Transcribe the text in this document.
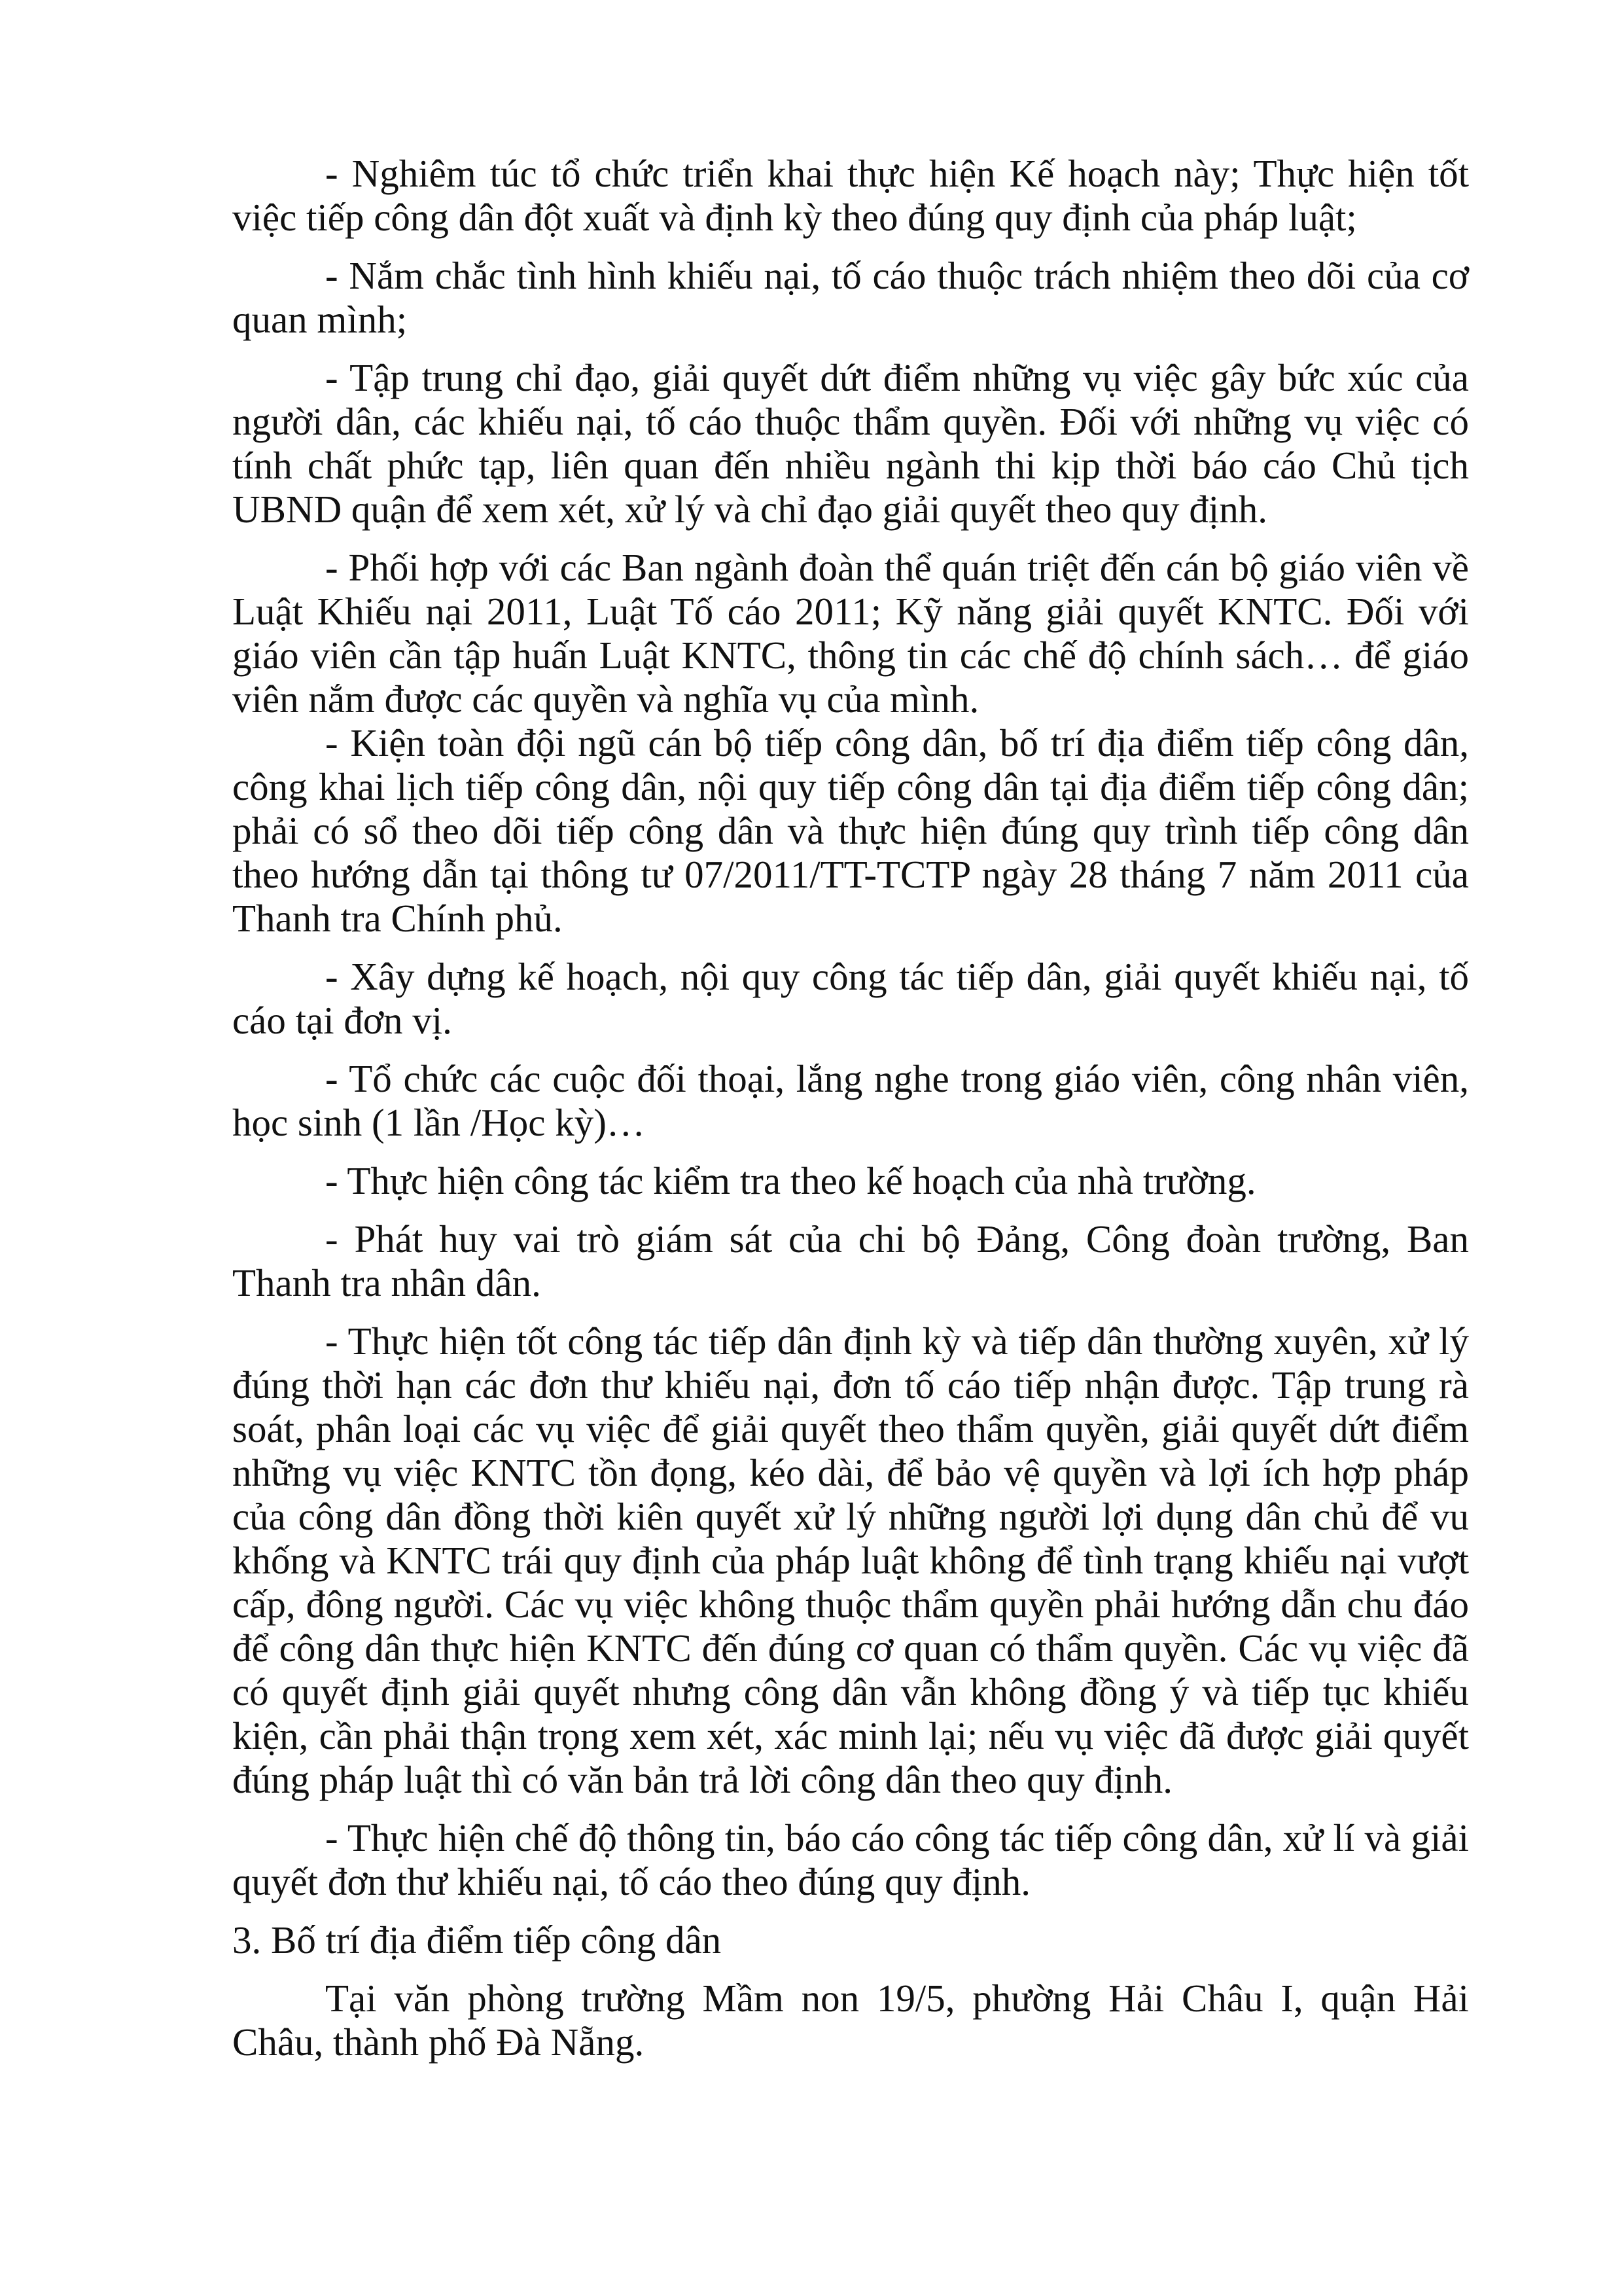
- Nghiêm túc tổ chức triển khai thực hiện Kế hoạch này; Thực hiện tốt việc tiếp công dân đột xuất và định kỳ theo đúng quy định của pháp luật;

- Nắm chắc tình hình khiếu nại, tố cáo thuộc trách nhiệm theo dõi của cơ quan mình;

- Tập trung chỉ đạo, giải quyết dứt điểm những vụ việc gây bức xúc của người dân, các khiếu nại, tố cáo thuộc thẩm quyền. Đối với những vụ việc có tính chất phức tạp, liên quan đến nhiều ngành thi kịp thời báo cáo Chủ tịch UBND quận để xem xét, xử lý và chỉ đạo giải quyết theo quy định.

- Phối hợp với các Ban ngành đoàn thể quán triệt đến cán bộ giáo viên về Luật Khiếu nại 2011, Luật Tố cáo 2011; Kỹ năng giải quyết KNTC. Đối với giáo viên cần tập huấn Luật KNTC, thông tin các chế độ chính sách… để giáo viên nắm được các quyền và nghĩa vụ của mình.

- Kiện toàn đội ngũ cán bộ tiếp công dân, bố trí địa điểm tiếp công dân, công khai lịch tiếp công dân, nội quy tiếp công dân tại địa điểm tiếp công dân; phải có sổ theo dõi tiếp công dân và thực hiện đúng quy trình tiếp công dân theo hướng dẫn tại thông tư 07/2011/TT-TCTP ngày 28 tháng 7 năm 2011 của Thanh tra Chính phủ.

- Xây dựng kế hoạch, nội quy công tác tiếp dân, giải quyết khiếu nại, tố cáo tại đơn vị.

- Tổ chức các cuộc đối thoại, lắng nghe trong giáo viên, công nhân viên, học sinh (1 lần /Học kỳ)…

- Thực hiện công tác kiểm tra theo kế hoạch của nhà trường.

- Phát huy vai trò giám sát của chi bộ Đảng, Công đoàn trường, Ban Thanh tra nhân dân.

- Thực hiện tốt công tác tiếp dân định kỳ và tiếp dân thường xuyên, xử lý đúng thời hạn các đơn thư khiếu nại, đơn tố cáo tiếp nhận được. Tập trung rà soát, phân loại các vụ việc để giải quyết theo thẩm quyền, giải quyết dứt điểm những vụ việc KNTC tồn đọng, kéo dài, để bảo vệ quyền và lợi ích hợp pháp của công dân đồng thời kiên quyết xử lý những người lợi dụng dân chủ để vu khống và KNTC trái quy định của pháp luật không để tình trạng khiếu nại vượt cấp, đông người. Các vụ việc không thuộc thẩm quyền phải hướng dẫn chu đáo để công dân thực hiện KNTC đến đúng cơ quan có thẩm quyền. Các vụ việc đã có quyết định giải quyết nhưng công dân vẫn không đồng ý và tiếp tục khiếu kiện, cần phải thận trọng xem xét, xác minh lại; nếu vụ việc đã được giải quyết đúng pháp luật thì có văn bản trả lời công dân theo quy định.

- Thực hiện chế độ thông tin, báo cáo công tác tiếp công dân, xử lí và giải quyết đơn thư khiếu nại, tố cáo theo đúng quy định.

3. Bố trí địa điểm tiếp công dân

Tại văn phòng trường Mầm non 19/5, phường Hải Châu I, quận Hải Châu, thành phố Đà Nẵng.
